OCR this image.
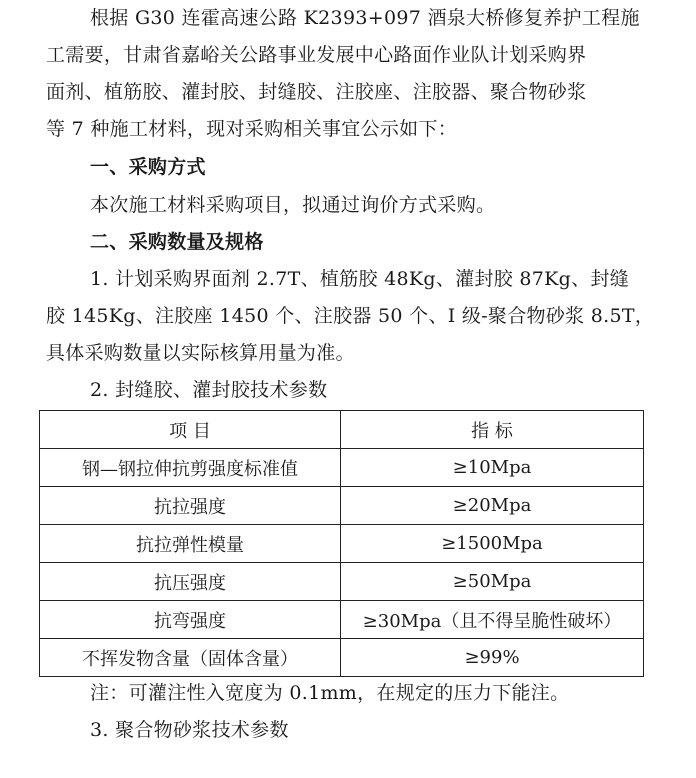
根据 G30 连霍高速公路 K2393+097 酒泉大桥修复养护工程施
工需要，甘肃省嘉峪关公路事业发展中心路面作业队计划采购界
面剂、植筋胶、灌封胶、封缝胶、注胶座、注胶器、聚合物砂浆
等 7 种施工材料，现对采购相关事宜公示如下：
一、采购方式
本次施工材料采购项目，拟通过询价方式采购。
二、采购数量及规格
1. 计划采购界面剂 2.7T、植筋胶 48Kg、灌封胶 87Kg、封缝
胶 145Kg、注胶座 1450 个、注胶器 50 个、I 级-聚合物砂浆 8.5T，
具体采购数量以实际核算用量为准。
2. 封缝胶、灌封胶技术参数
项 目	指 标
钢—钢拉伸抗剪强度标准值	≥10Mpa
抗拉强度	≥20Mpa
抗拉弹性模量	≥1500Mpa
抗压强度	≥50Mpa
抗弯强度	≥30Mpa（且不得呈脆性破坏）
不挥发物含量（固体含量）	≥99%
注：可灌注性入宽度为 0.1mm，在规定的压力下能注。
3. 聚合物砂浆技术参数
